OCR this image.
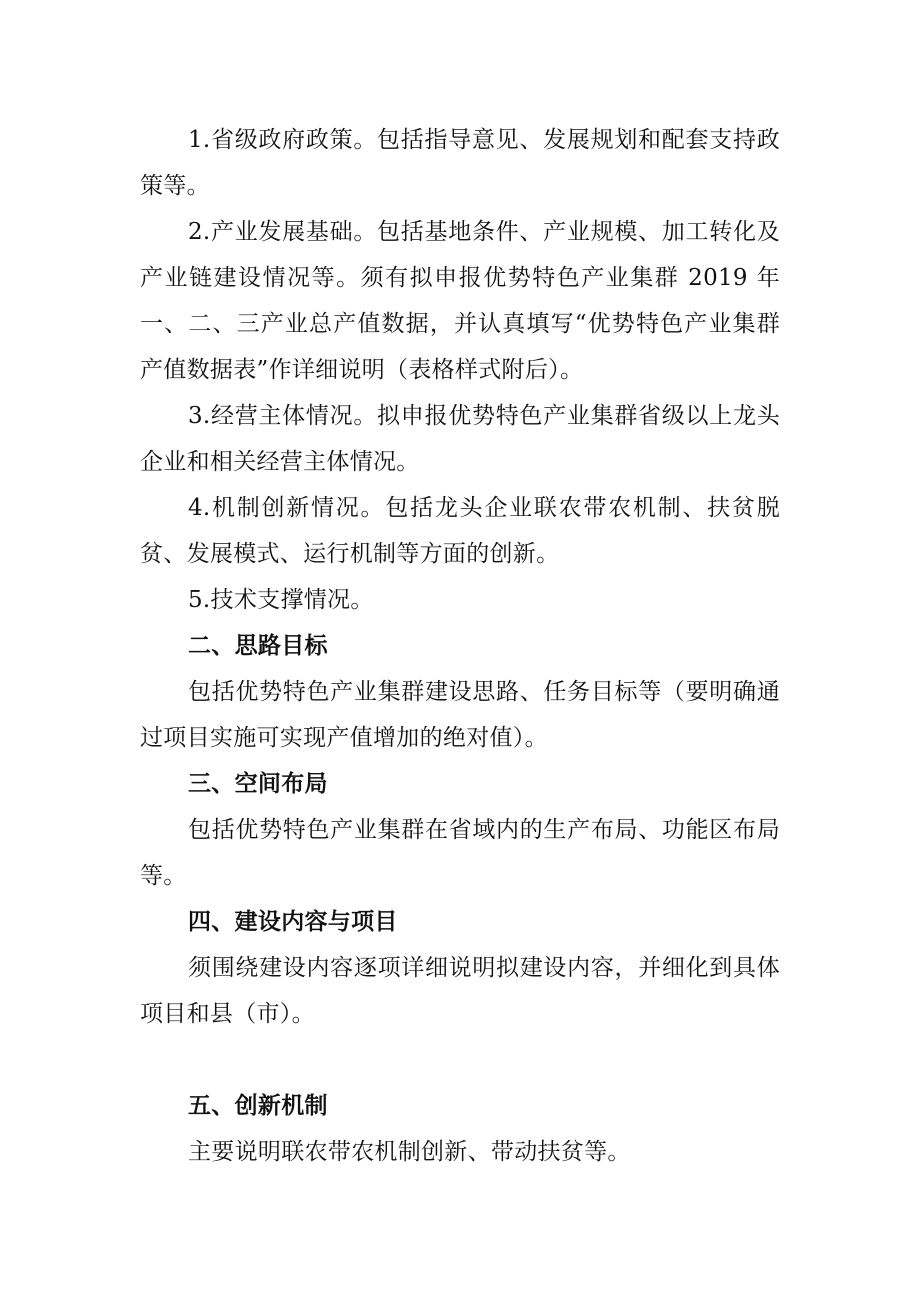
1.省级政府政策。包括指导意见、发展规划和配套支持政策等。

2.产业发展基础。包括基地条件、产业规模、加工转化及产业链建设情况等。须有拟申报优势特色产业集群 2019 年一、二、三产业总产值数据，并认真填写“优势特色产业集群产值数据表”作详细说明（表格样式附后）。

3.经营主体情况。拟申报优势特色产业集群省级以上龙头企业和相关经营主体情况。

4.机制创新情况。包括龙头企业联农带农机制、扶贫脱贫、发展模式、运行机制等方面的创新。

5.技术支撑情况。

二、思路目标

包括优势特色产业集群建设思路、任务目标等（要明确通过项目实施可实现产值增加的绝对值）。

三、空间布局

包括优势特色产业集群在省域内的生产布局、功能区布局等。

四、建设内容与项目

须围绕建设内容逐项详细说明拟建设内容，并细化到具体项目和县（市）。

五、创新机制

主要说明联农带农机制创新、带动扶贫等。
